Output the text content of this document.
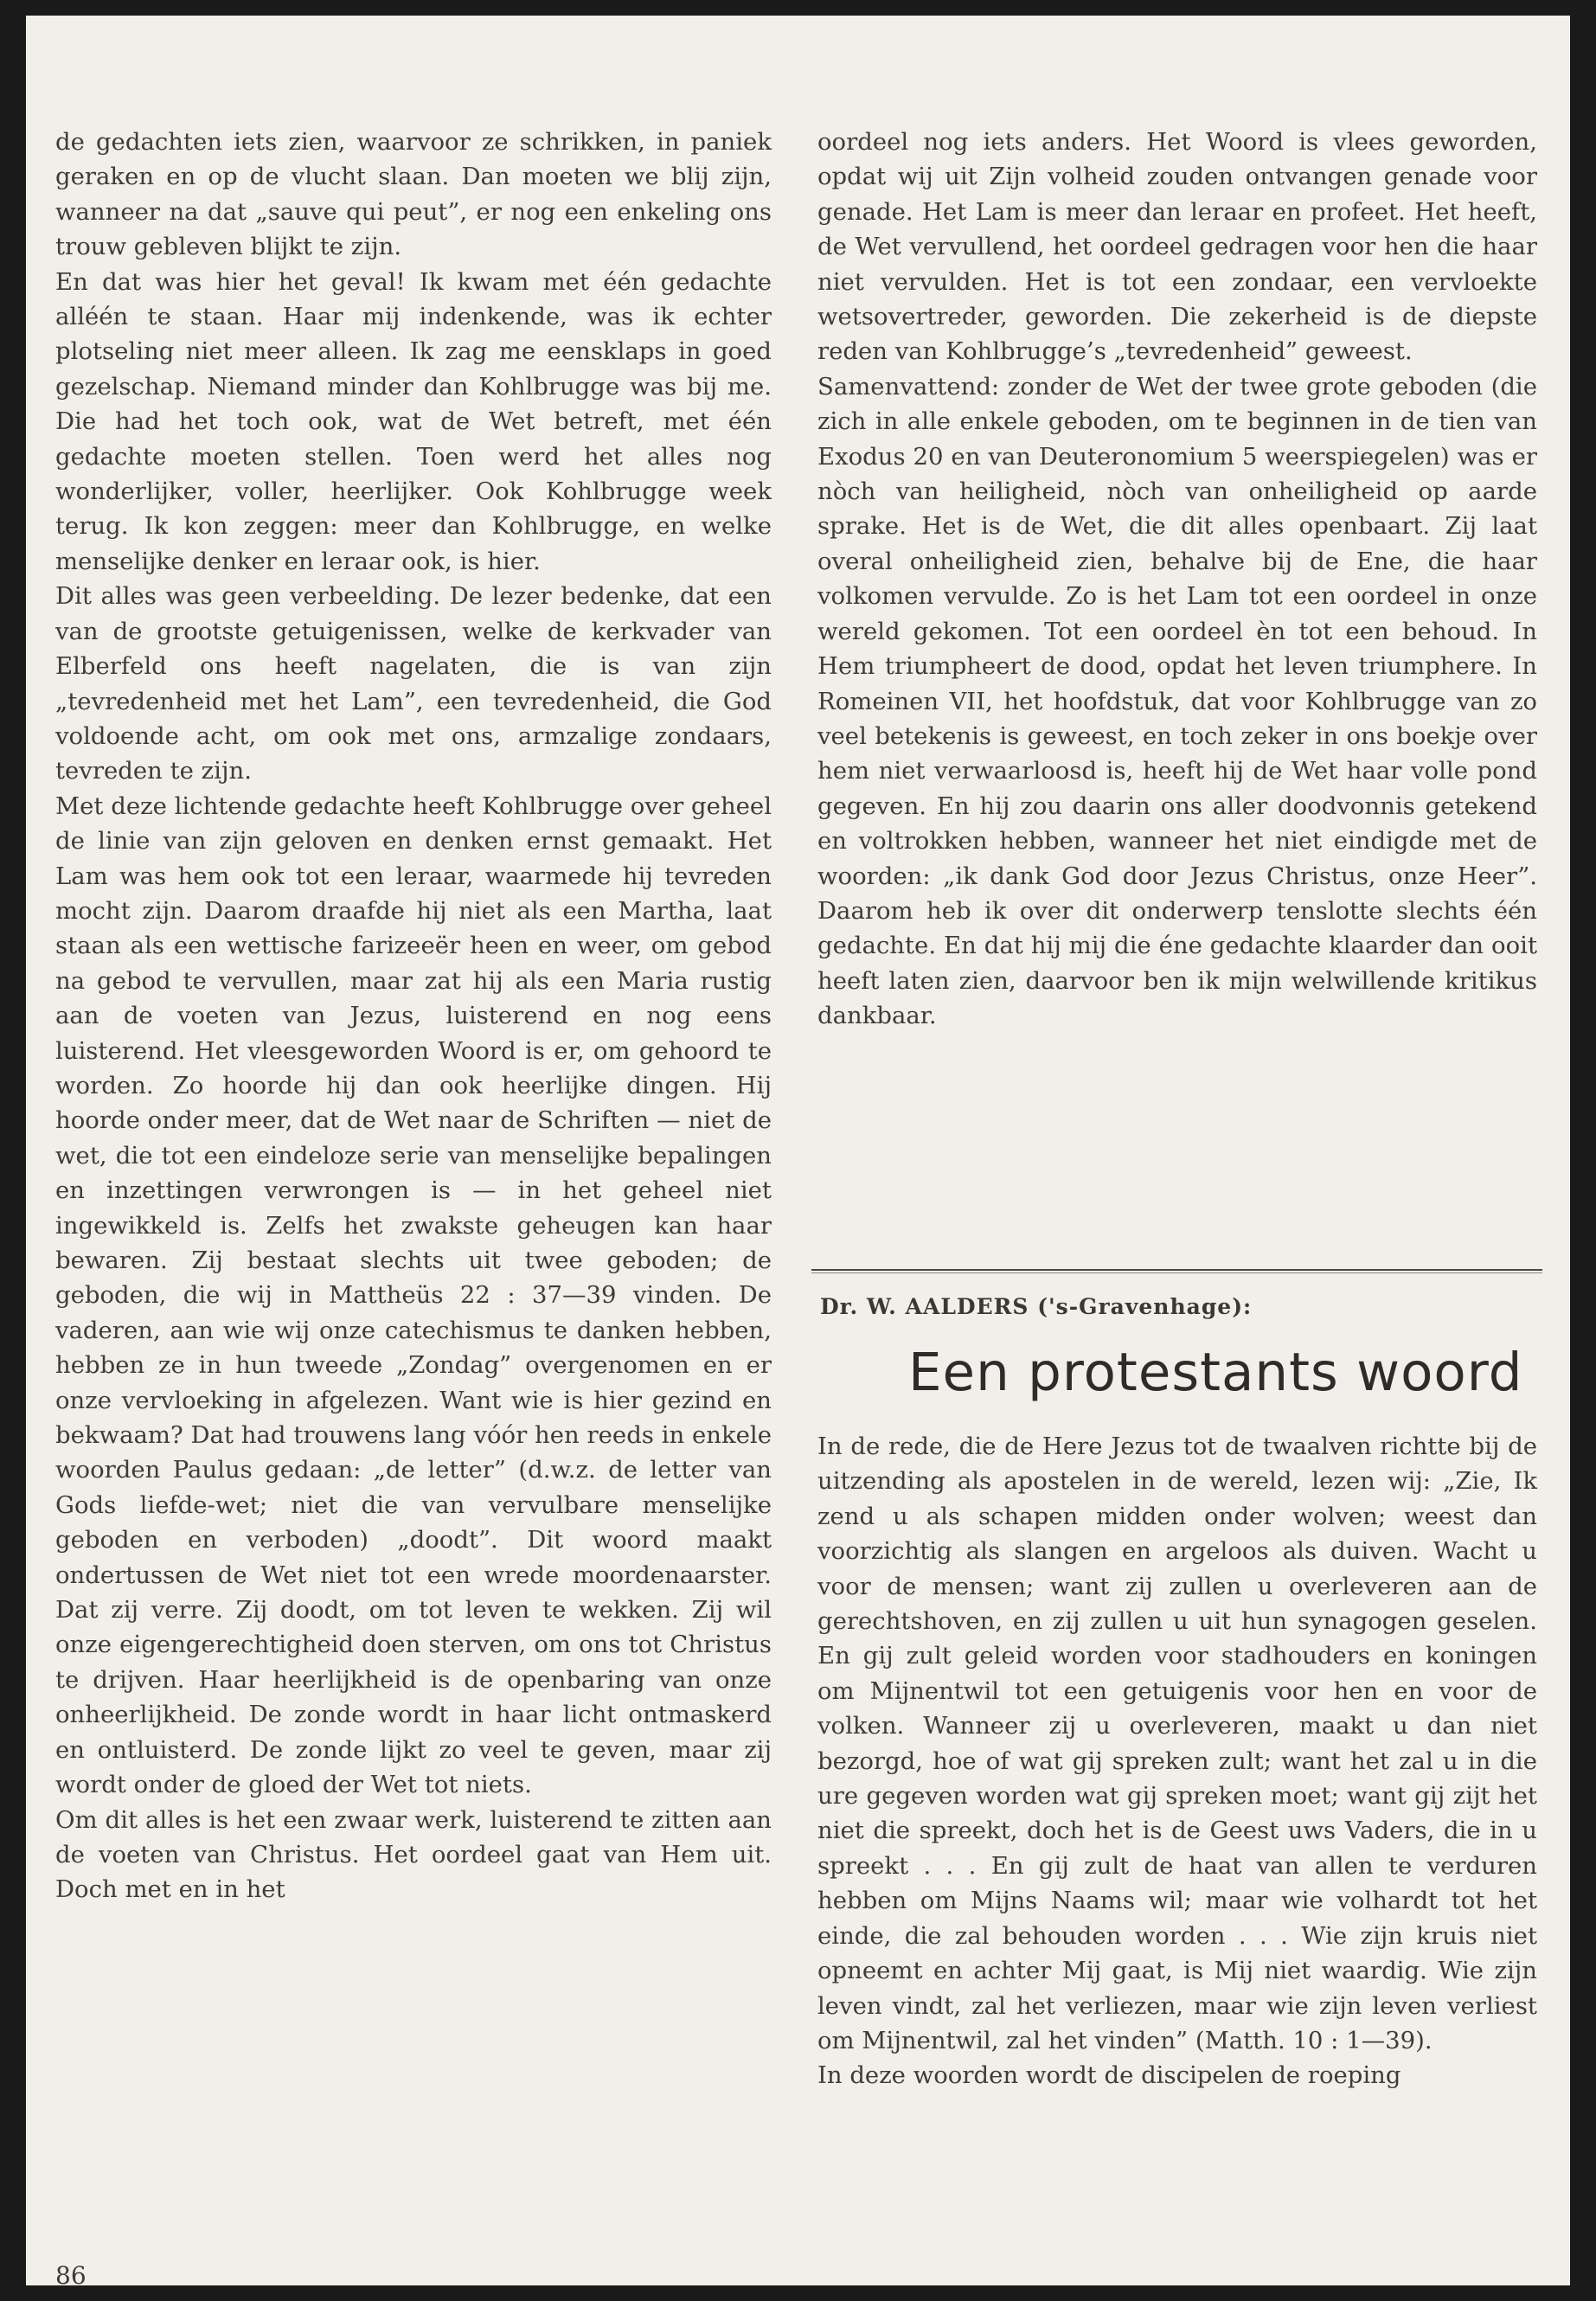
de gedachten iets zien, waarvoor ze schrikken, in paniek geraken en op de vlucht slaan. Dan moeten we blij zijn, wanneer na dat „sauve qui peut”, er nog een enkeling ons trouw gebleven blijkt te zijn.

En dat was hier het geval! Ik kwam met één gedachte alléén te staan. Haar mij indenkende, was ik echter plotseling niet meer alleen. Ik zag me eensklaps in goed gezelschap. Niemand minder dan Kohlbrugge was bij me. Die had het toch ook, wat de Wet betreft, met één gedachte moeten stellen. Toen werd het alles nog wonderlijker, voller, heerlijker. Ook Kohlbrugge week terug. Ik kon zeggen: meer dan Kohlbrugge, en welke menselijke denker en leraar ook, is hier.

Dit alles was geen verbeelding. De lezer bedenke, dat een van de grootste getuigenissen, welke de kerkvader van Elberfeld ons heeft nagelaten, die is van zijn „tevredenheid met het Lam”, een tevredenheid, die God voldoende acht, om ook met ons, armzalige zondaars, tevreden te zijn.

Met deze lichtende gedachte heeft Kohlbrugge over geheel de linie van zijn geloven en denken ernst gemaakt. Het Lam was hem ook tot een leraar, waarmede hij tevreden mocht zijn. Daarom draafde hij niet als een Martha, laat staan als een wettische farizeeër heen en weer, om gebod na gebod te vervullen, maar zat hij als een Maria rustig aan de voeten van Jezus, luisterend en nog eens luisterend. Het vleesgeworden Woord is er, om gehoord te worden. Zo hoorde hij dan ook heerlijke dingen. Hij hoorde onder meer, dat de Wet naar de Schriften — niet de wet, die tot een eindeloze serie van menselijke bepalingen en inzettingen verwrongen is — in het geheel niet ingewikkeld is. Zelfs het zwakste geheugen kan haar bewaren. Zij bestaat slechts uit twee geboden; de geboden, die wij in Mattheüs 22 : 37—39 vinden. De vaderen, aan wie wij onze catechismus te danken hebben, hebben ze in hun tweede „Zondag” overgenomen en er onze vervloeking in afgelezen. Want wie is hier gezind en bekwaam? Dat had trouwens lang vóór hen reeds in enkele woorden Paulus gedaan: „de letter” (d.w.z. de letter van Gods liefde-wet; niet die van vervulbare menselijke geboden en verboden) „doodt”. Dit woord maakt ondertussen de Wet niet tot een wrede moordenaarster. Dat zij verre. Zij doodt, om tot leven te wekken. Zij wil onze eigengerechtigheid doen sterven, om ons tot Christus te drijven. Haar heerlijkheid is de openbaring van onze onheerlijkheid. De zonde wordt in haar licht ontmaskerd en ontluisterd. De zonde lijkt zo veel te geven, maar zij wordt onder de gloed der Wet tot niets.

Om dit alles is het een zwaar werk, luisterend te zitten aan de voeten van Christus. Het oordeel gaat van Hem uit. Doch met en in het

oordeel nog iets anders. Het Woord is vlees geworden, opdat wij uit Zijn volheid zouden ontvangen genade voor genade. Het Lam is meer dan leraar en profeet. Het heeft, de Wet vervullend, het oordeel gedragen voor hen die haar niet vervulden. Het is tot een zondaar, een vervloekte wetsovertreder, geworden. Die zekerheid is de diepste reden van Kohlbrugge’s „tevredenheid” geweest.

Samenvattend: zonder de Wet der twee grote geboden (die zich in alle enkele geboden, om te beginnen in de tien van Exodus 20 en van Deuteronomium 5 weerspiegelen) was er nòch van heiligheid, nòch van onheiligheid op aarde sprake. Het is de Wet, die dit alles openbaart. Zij laat overal onheiligheid zien, behalve bij de Ene, die haar volkomen vervulde. Zo is het Lam tot een oordeel in onze wereld gekomen. Tot een oordeel èn tot een behoud. In Hem triumpheert de dood, opdat het leven triumphere. In Romeinen VII, het hoofdstuk, dat voor Kohlbrugge van zo veel betekenis is geweest, en toch zeker in ons boekje over hem niet verwaarloosd is, heeft hij de Wet haar volle pond gegeven. En hij zou daarin ons aller doodvonnis getekend en voltrokken hebben, wanneer het niet eindigde met de woorden: „ik dank God door Jezus Christus, onze Heer”. Daarom heb ik over dit onderwerp tenslotte slechts één gedachte. En dat hij mij die éne gedachte klaarder dan ooit heeft laten zien, daarvoor ben ik mijn welwillende kritikus dankbaar.

Dr. W. AALDERS ('s-Gravenhage):
Een protestants woord

In de rede, die de Here Jezus tot de twaalven richtte bij de uitzending als apostelen in de wereld, lezen wij: „Zie, Ik zend u als schapen midden onder wolven; weest dan voorzichtig als slangen en argeloos als duiven. Wacht u voor de mensen; want zij zullen u overleveren aan de gerechtshoven, en zij zullen u uit hun synagogen geselen. En gij zult geleid worden voor stadhouders en koningen om Mijnentwil tot een getuigenis voor hen en voor de volken. Wanneer zij u overleveren, maakt u dan niet bezorgd, hoe of wat gij spreken zult; want het zal u in die ure gegeven worden wat gij spreken moet; want gij zijt het niet die spreekt, doch het is de Geest uws Vaders, die in u spreekt . . . En gij zult de haat van allen te verduren hebben om Mijns Naams wil; maar wie volhardt tot het einde, die zal behouden worden . . . Wie zijn kruis niet opneemt en achter Mij gaat, is Mij niet waardig. Wie zijn leven vindt, zal het verliezen, maar wie zijn leven verliest om Mijnentwil, zal het vinden” (Matth. 10 : 1—39).

In deze woorden wordt de discipelen de roeping

86
